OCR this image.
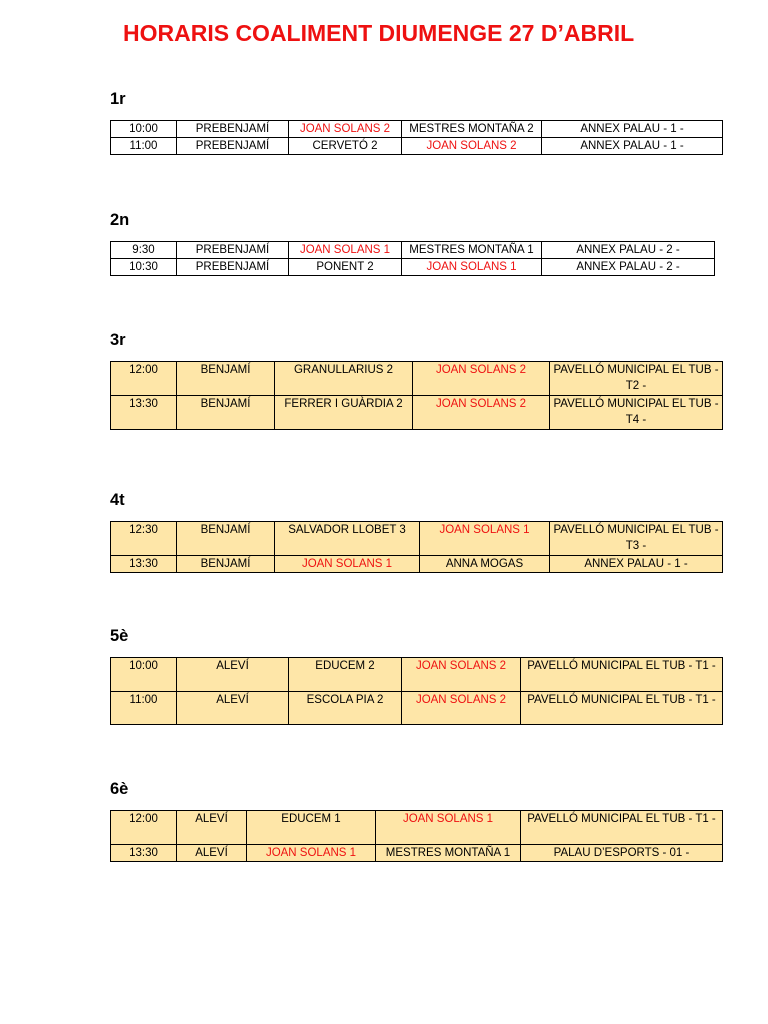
HORARIS COALIMENT DIUMENGE 27 D’ABRIL
1r
10:00	PREBENJAMÍ	JOAN SOLANS 2	MESTRES MONTAÑA 2	ANNEX PALAU - 1 -
11:00	PREBENJAMÍ	CERVETÓ 2	JOAN SOLANS 2	ANNEX PALAU - 1 -
2n
9:30	PREBENJAMÍ	JOAN SOLANS 1	MESTRES MONTAÑA 1	ANNEX PALAU - 2 -
10:30	PREBENJAMÍ	PONENT 2	JOAN SOLANS 1	ANNEX PALAU - 2 -
3r
12:00	BENJAMÍ	GRANULLARIUS 2	JOAN SOLANS 2	PAVELLÓ MUNICIPAL EL TUB - T2 -
13:30	BENJAMÍ	FERRER I GUÀRDIA 2	JOAN SOLANS 2	PAVELLÓ MUNICIPAL EL TUB - T4 -
4t
12:30	BENJAMÍ	SALVADOR LLOBET 3	JOAN SOLANS 1	PAVELLÓ MUNICIPAL EL TUB - T3 -
13:30	BENJAMÍ	JOAN SOLANS 1	ANNA MOGAS	ANNEX PALAU - 1 -
5è
10:00	ALEVÍ	EDUCEM 2	JOAN SOLANS 2	PAVELLÓ MUNICIPAL EL TUB - T1 -
11:00	ALEVÍ	ESCOLA PIA 2	JOAN SOLANS 2	PAVELLÓ MUNICIPAL EL TUB - T1 -
6è
12:00	ALEVÍ	EDUCEM 1	JOAN SOLANS 1	PAVELLÓ MUNICIPAL EL TUB - T1 -
13:30	ALEVÍ	JOAN SOLANS 1	MESTRES MONTAÑA 1	PALAU D’ESPORTS - 01 -
